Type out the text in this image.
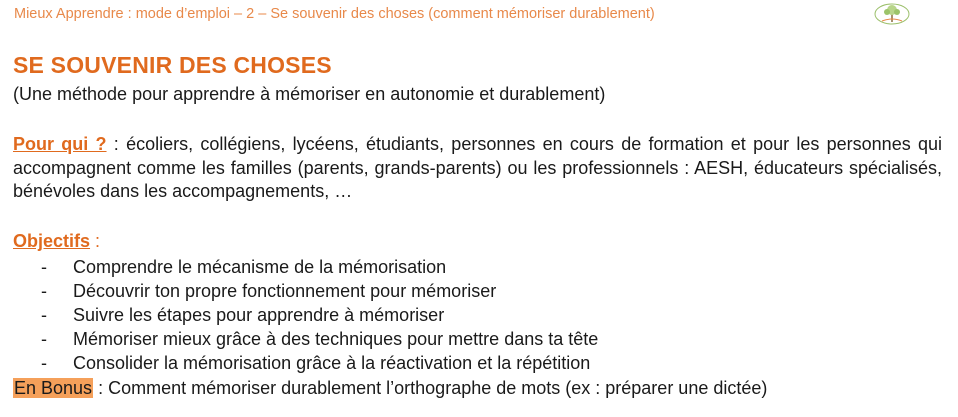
Mieux Apprendre : mode d’emploi – 2 – Se souvenir des choses (comment mémoriser durablement)
SE SOUVENIR DES CHOSES
(Une méthode pour apprendre à mémoriser en autonomie et durablement)
Pour qui ? : écoliers, collégiens, lycéens, étudiants, personnes en cours de formation et pour les personnes qui accompagnent comme les familles (parents, grands-parents) ou les professionnels : AESH, éducateurs spécialisés, bénévoles dans les accompagnements, …
Objectifs :
- Comprendre le mécanisme de la mémorisation
- Découvrir ton propre fonctionnement pour mémoriser
- Suivre les étapes pour apprendre à mémoriser
- Mémoriser mieux grâce à des techniques pour mettre dans ta tête
- Consolider la mémorisation grâce à la réactivation et la répétition
En Bonus : Comment mémoriser durablement l’orthographe de mots (ex : préparer une dictée)
